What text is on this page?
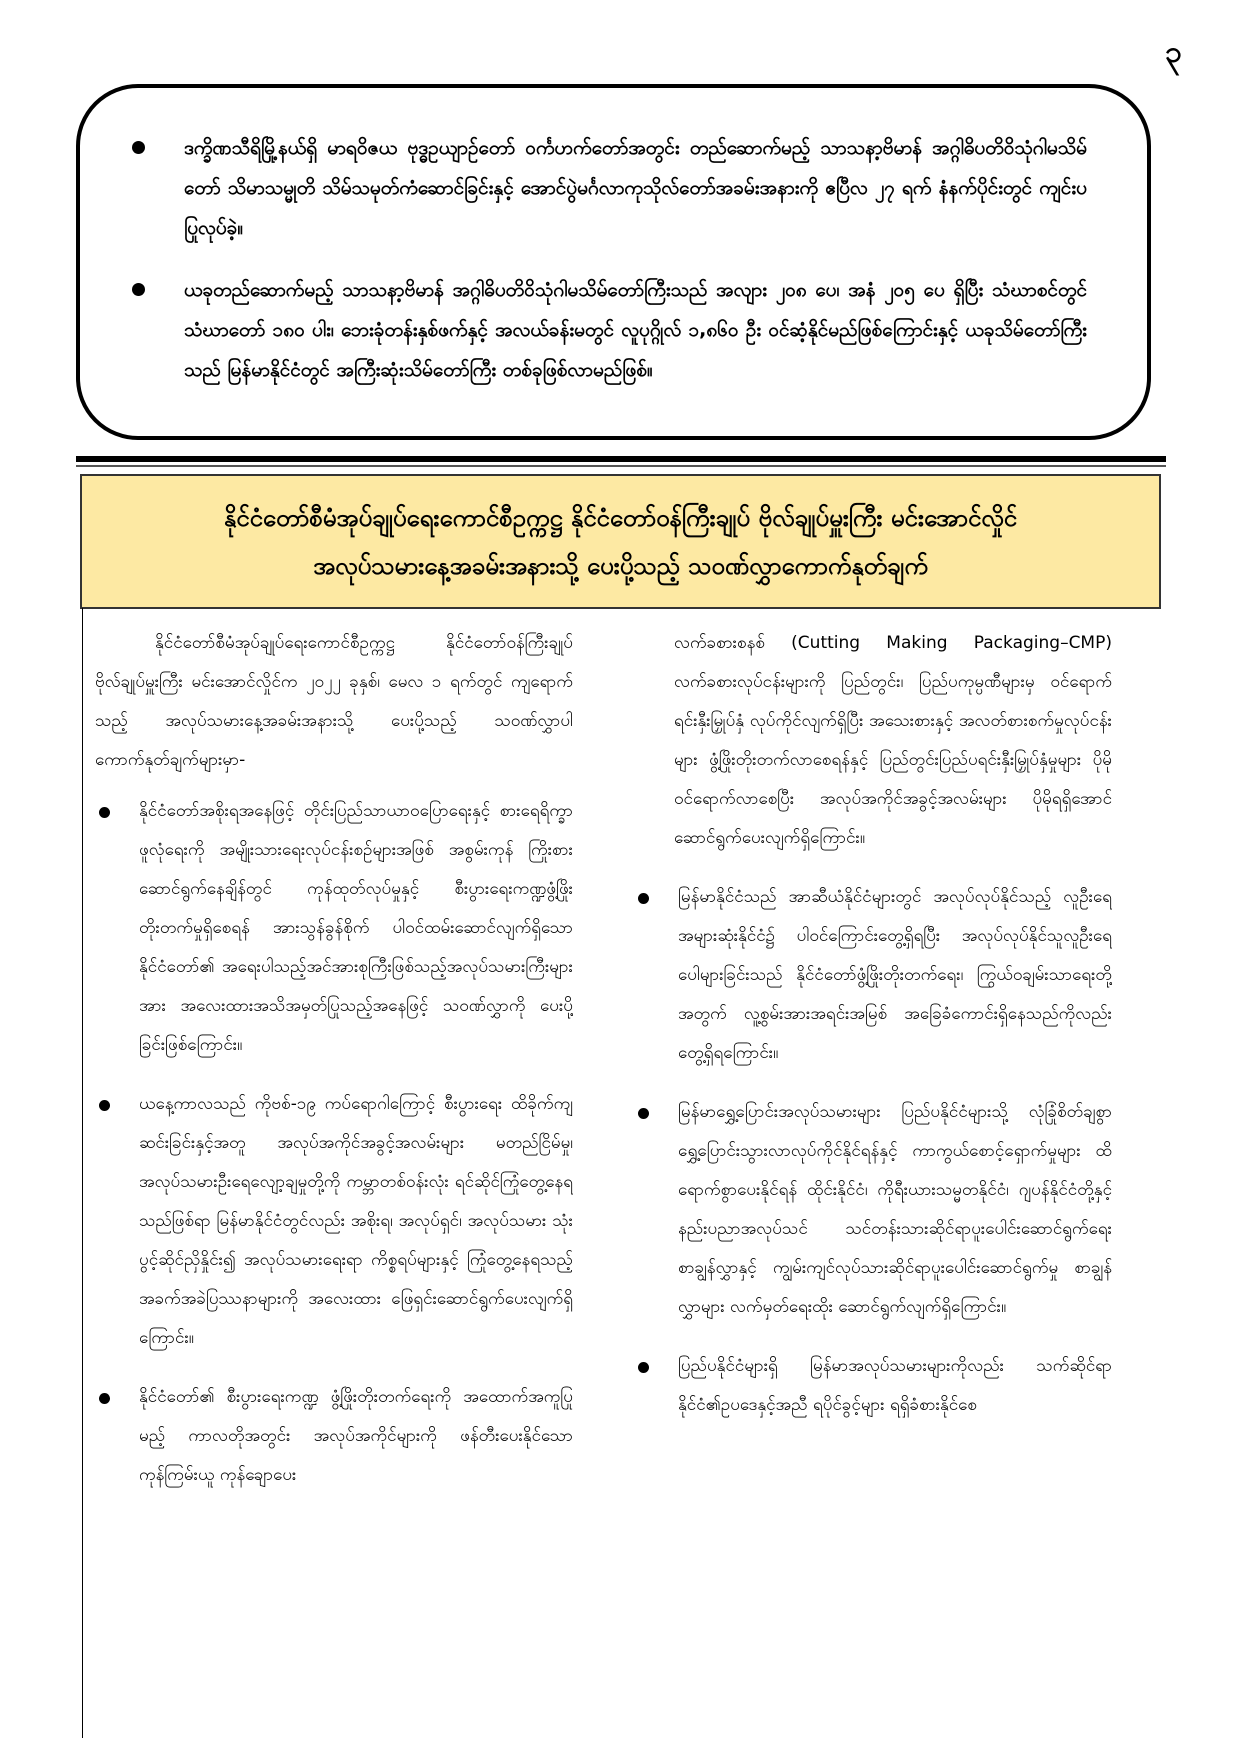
၃
ဒက္ခိဏသီရိမြို့နယ်ရှိ မာရဝိဇယ ဗုဒ္ဓဥယျာဉ်တော် ဝင်္ကဟက်တော်အတွင်း တည်ဆောက်မည့် သာသနာ့ဗိမာန် အဂ္ဂါဓိပတိဝိသုံဂါမသိမ်တော် သိမာသမ္မုတိ သိမ်သမုတ်ကံဆောင်ခြင်းနှင့် အောင်ပွဲမင်္ဂလာကုသိုလ်တော်အခမ်းအနားကို ဧပြီလ ၂၇ ရက် နံနက်ပိုင်းတွင် ကျင်းပပြုလုပ်ခဲ့။
ယခုတည်ဆောက်မည့် သာသနာ့ဗိမာန် အဂ္ဂါဓိပတိဝိသုံဂါမသိမ်တော်ကြီးသည် အလျား ၂၀၈ ပေ၊ အနံ ၂၀၅ ပေ ရှိပြီး သံဃာစင်တွင် သံဃာတော် ၁၈၀ ပါး၊ ဘေးခုံတန်းနှစ်ဖက်နှင့် အလယ်ခန်းမတွင် လူပုဂ္ဂိုလ် ၁,၈၆၀ ဦး ဝင်ဆံ့နိုင်မည်ဖြစ်ကြောင်းနှင့် ယခုသိမ်တော်ကြီးသည် မြန်မာနိုင်ငံတွင် အကြီးဆုံးသိမ်တော်ကြီး တစ်ခုဖြစ်လာမည်ဖြစ်။
နိုင်ငံတော်စီမံအုပ်ချုပ်ရေးကောင်စီဥက္ကဋ္ဌ နိုင်ငံတော်ဝန်ကြီးချုပ် ဗိုလ်ချုပ်မှူးကြီး မင်းအောင်လှိုင်
အလုပ်သမားနေ့အခမ်းအနားသို့ ပေးပို့သည့် သဝဏ်လွှာကောက်နုတ်ချက်

နိုင်ငံတော်စီမံအုပ်ချုပ်ရေးကောင်စီဥက္ကဋ္ဌ နိုင်ငံတော်ဝန်ကြီးချုပ် ဗိုလ်ချုပ်မှူးကြီး မင်းအောင်လှိုင်က ၂၀၂၂ ခုနှစ်၊ မေလ ၁ ရက်တွင် ကျရောက်သည့် အလုပ်သမားနေ့အခမ်းအနားသို့ ပေးပို့သည့် သဝဏ်လွှာပါကောက်နုတ်ချက်များမှာ-

နိုင်ငံတော်အစိုးရအနေဖြင့် တိုင်းပြည်သာယာဝပြောရေးနှင့် စားရေရိက္ခာဖူလုံရေးကို အမျိုးသားရေးလုပ်ငန်းစဉ်များအဖြစ် အစွမ်းကုန် ကြိုးစားဆောင်ရွက်နေချိန်တွင် ကုန်ထုတ်လုပ်မှုနှင့် စီးပွားရေးကဏ္ဍဖွံ့ဖြိုးတိုးတက်မှုရှိစေရန် အားသွန်ခွန်စိုက် ပါဝင်ထမ်းဆောင်လျက်ရှိသော နိုင်ငံတော်၏ အရေးပါသည့်အင်အားစုကြီးဖြစ်သည့်အလုပ်သမားကြီးများအား အလေးထားအသိအမှတ်ပြုသည့်အနေဖြင့် သဝဏ်လွှာကို ပေးပို့ခြင်းဖြစ်ကြောင်း။

ယနေ့ကာလသည် ကိုဗစ်-၁၉ ကပ်ရောဂါကြောင့် စီးပွားရေး ထိခိုက်ကျဆင်းခြင်းနှင့်အတူ အလုပ်အကိုင်အခွင့်အလမ်းများ မတည်ငြိမ်မှု၊ အလုပ်သမားဦးရေလျော့ချမှုတို့ကို ကမ္ဘာတစ်ဝန်းလုံး ရင်ဆိုင်ကြုံတွေ့နေရသည်ဖြစ်ရာ မြန်မာနိုင်ငံတွင်လည်း အစိုးရ၊ အလုပ်ရှင်၊ အလုပ်သမား သုံးပွင့်ဆိုင်ညှိနှိုင်း၍ အလုပ်သမားရေးရာ ကိစ္စရပ်များနှင့် ကြုံတွေ့နေရသည့် အခက်အခဲပြဿနာများကို အလေးထား ဖြေရှင်းဆောင်ရွက်ပေးလျက်ရှိကြောင်း။

နိုင်ငံတော်၏ စီးပွားရေးကဏ္ဍ ဖွံ့ဖြိုးတိုးတက်ရေးကို အထောက်အကူပြုမည့် ကာလတိုအတွင်း အလုပ်အကိုင်များကို ဖန်တီးပေးနိုင်သော ကုန်ကြမ်းယူ ကုန်ချောပေး

လက်ခစားစနစ် (Cutting Making Packaging–CMP) လက်ခစားလုပ်ငန်းများကို ပြည်တွင်း၊ ပြည်ပကုမ္ပဏီများမှ ဝင်ရောက်ရင်းနှီးမြှုပ်နှံ လုပ်ကိုင်လျက်ရှိပြီး အသေးစားနှင့် အလတ်စားစက်မှုလုပ်ငန်းများ ဖွံ့ဖြိုးတိုးတက်လာစေရန်နှင့် ပြည်တွင်းပြည်ပရင်းနှီးမြှုပ်နှံမှုများ ပိုမိုဝင်ရောက်လာစေပြီး အလုပ်အကိုင်အခွင့်အလမ်းများ ပိုမိုရရှိအောင် ဆောင်ရွက်ပေးလျက်ရှိကြောင်း။

မြန်မာနိုင်ငံသည် အာဆီယံနိုင်ငံများတွင် အလုပ်လုပ်နိုင်သည့် လူဦးရေအများဆုံးနိုင်ငံ၌ ပါဝင်ကြောင်းတွေ့ရှိရပြီး အလုပ်လုပ်နိုင်သူလူဦးရေ ပေါများခြင်းသည် နိုင်ငံတော်ဖွံ့ဖြိုးတိုးတက်ရေး၊ ကြွယ်ဝချမ်းသာရေးတို့အတွက် လူ့စွမ်းအားအရင်းအမြစ် အခြေခံကောင်းရှိနေသည်ကိုလည်း တွေ့ရှိရကြောင်း။

မြန်မာရွှေ့ပြောင်းအလုပ်သမားများ ပြည်ပနိုင်ငံများသို့ လုံခြုံစိတ်ချစွာ ရွှေ့ပြောင်းသွားလာလုပ်ကိုင်နိုင်ရန်နှင့် ကာကွယ်စောင့်ရှောက်မှုများ ထိရောက်စွာပေးနိုင်ရန် ထိုင်းနိုင်ငံ၊ ကိုရီးယားသမ္မတနိုင်ငံ၊ ဂျပန်နိုင်ငံတို့နှင့် နည်းပညာအလုပ်သင် သင်တန်းသားဆိုင်ရာပူးပေါင်းဆောင်ရွက်ရေး စာချွန်လွှာနှင့် ကျွမ်းကျင်လုပ်သားဆိုင်ရာပူးပေါင်းဆောင်ရွက်မှု စာချွန်လွှာများ လက်မှတ်ရေးထိုး ဆောင်ရွက်လျက်ရှိကြောင်း။

ပြည်ပနိုင်ငံများရှိ မြန်မာအလုပ်သမားများကိုလည်း သက်ဆိုင်ရာနိုင်ငံ၏ဥပဒေနှင့်အညီ ရပိုင်ခွင့်များ ရရှိခံစားနိုင်စေ
